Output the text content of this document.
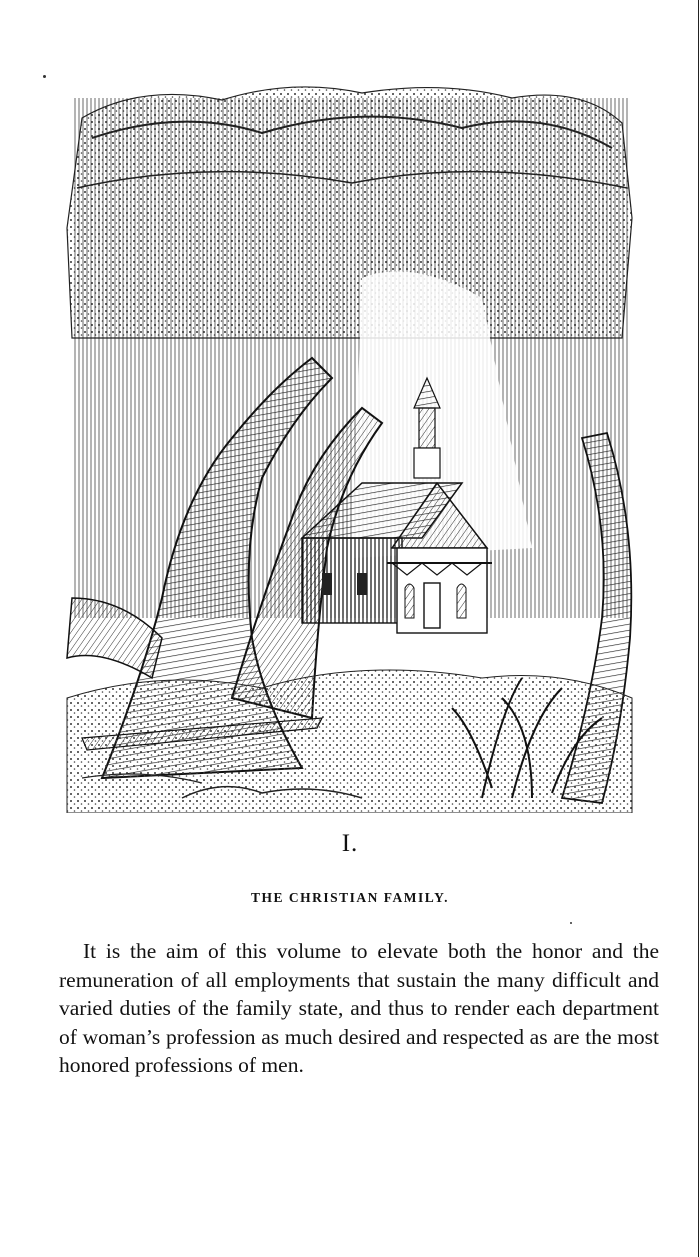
I.
THE CHRISTIAN FAMILY.

It is the aim of this volume to elevate both the honor and the remuneration of all employments that sustain the many difficult and varied duties of the family state, and thus to render each department of woman’s profession as much desired and respected as are the most honored professions of men.
